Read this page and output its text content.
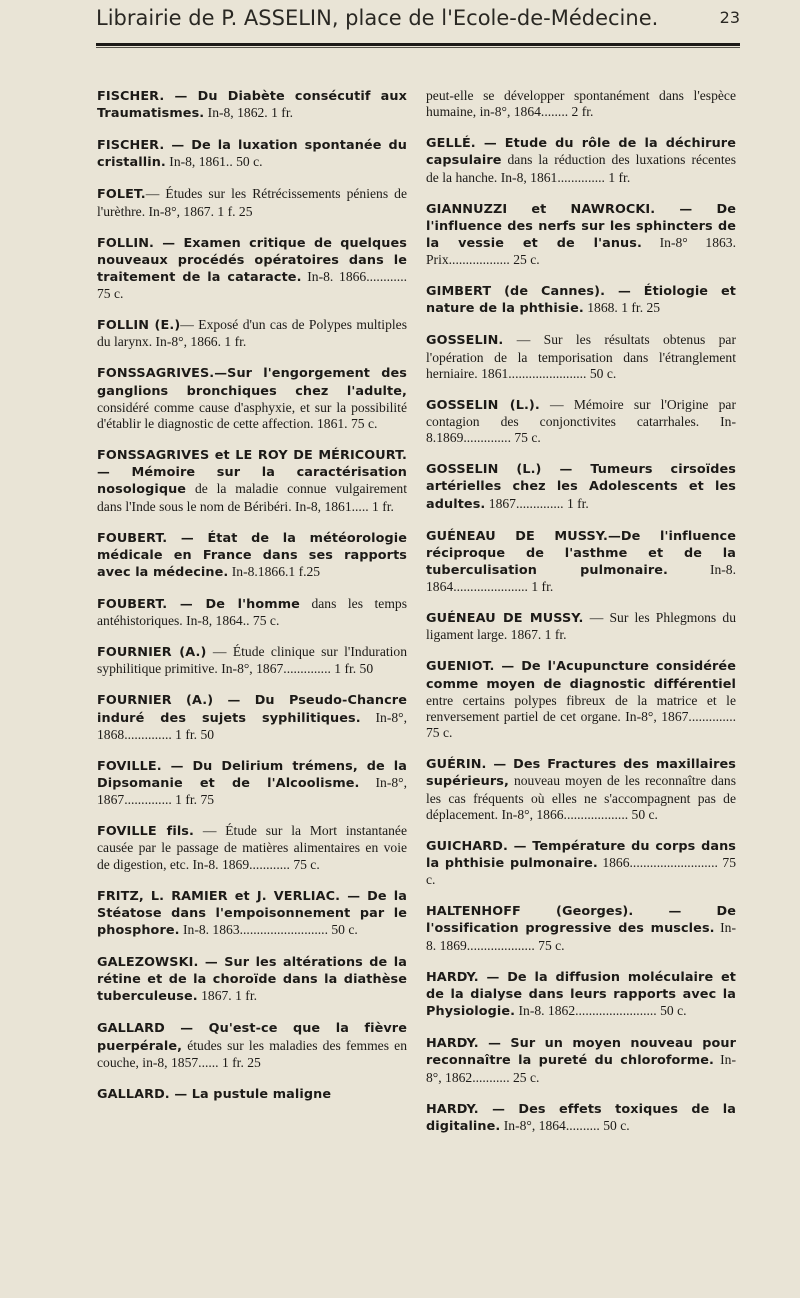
Librairie de P. ASSELIN, place de l'Ecole-de-Médecine.	23

FISCHER. — Du Diabète consécutif aux Traumatismes. In-8, 1862. 1 fr.

FISCHER. — De la luxation spontanée du cristallin. In-8, 1861.. 50 c.

FOLET.— Études sur les Rétrécissements péniens de l'urèthre. In-8°, 1867. 1 f. 25

FOLLIN. — Examen critique de quelques nouveaux procédés opératoires dans le traitement de la cataracte. In-8. 1866............ 75 c.

FOLLIN (E.)— Exposé d'un cas de Polypes multiples du larynx. In-8°, 1866. 1 fr.

FONSSAGRIVES.—Sur l'engorgement des ganglions bronchiques chez l'adulte, considéré comme cause d'asphyxie, et sur la possibilité d'établir le diagnostic de cette affection. 1861. 75 c.

FONSSAGRIVES et LE ROY DE MÉRICOURT. — Mémoire sur la caractérisation nosologique de la maladie connue vulgairement dans l'Inde sous le nom de Béribéri. In-8, 1861..... 1 fr.

FOUBERT. — État de la météorologie médicale en France dans ses rapports avec la médecine. In-8.1866.1 f.25

FOUBERT. — De l'homme dans les temps antéhistoriques. In-8, 1864.. 75 c.

FOURNIER (A.) — Étude clinique sur l'Induration syphilitique primitive. In-8°, 1867.............. 1 fr. 50

FOURNIER (A.) — Du Pseudo-Chancre induré des sujets syphilitiques. In-8°, 1868.............. 1 fr. 50

FOVILLE. — Du Delirium trémens, de la Dipsomanie et de l'Alcoolisme. In-8°, 1867.............. 1 fr. 75

FOVILLE fils. — Étude sur la Mort instantanée causée par le passage de matières alimentaires en voie de digestion, etc. In-8. 1869............ 75 c.

FRITZ, L. RAMIER et J. VERLIAC. — De la Stéatose dans l'empoisonnement par le phosphore. In-8. 1863.......................... 50 c.

GALEZOWSKI. — Sur les altérations de la rétine et de la choroïde dans la diathèse tuberculeuse. 1867. 1 fr.

GALLARD — Qu'est-ce que la fièvre puerpérale, études sur les maladies des femmes en couche, in-8, 1857...... 1 fr. 25

GALLARD. — La pustule maligne

peut-elle se développer spontanément dans l'espèce humaine, in-8°, 1864........ 2 fr.

GELLÉ. — Etude du rôle de la déchirure capsulaire dans la réduction des luxations récentes de la hanche. In-8, 1861.............. 1 fr.

GIANNUZZI et NAWROCKI. — De l'influence des nerfs sur les sphincters de la vessie et de l'anus. In-8° 1863. Prix.................. 25 c.

GIMBERT (de Cannes). — Étiologie et nature de la phthisie. 1868. 1 fr. 25

GOSSELIN. — Sur les résultats obtenus par l'opération de la temporisation dans l'étranglement herniaire. 1861....................... 50 c.

GOSSELIN (L.). — Mémoire sur l'Origine par contagion des conjonctivites catarrhales. In-8.1869.............. 75 c.

GOSSELIN (L.) — Tumeurs cirsoïdes artérielles chez les Adolescents et les adultes. 1867.............. 1 fr.

GUÉNEAU DE MUSSY.—De l'influence réciproque de l'asthme et de la tuberculisation pulmonaire. In-8. 1864...................... 1 fr.

GUÉNEAU DE MUSSY. — Sur les Phlegmons du ligament large. 1867. 1 fr.

GUENIOT. — De l'Acupuncture considérée comme moyen de diagnostic différentiel entre certains polypes fibreux de la matrice et le renversement partiel de cet organe. In-8°, 1867.............. 75 c.

GUÉRIN. — Des Fractures des maxillaires supérieurs, nouveau moyen de les reconnaître dans les cas fréquents où elles ne s'accompagnent pas de déplacement. In-8°, 1866................... 50 c.

GUICHARD. — Température du corps dans la phthisie pulmonaire. 1866.......................... 75 c.

HALTENHOFF (Georges). — De l'ossification progressive des muscles. In-8. 1869.................... 75 c.

HARDY. — De la diffusion moléculaire et de la dialyse dans leurs rapports avec la Physiologie. In-8. 1862........................ 50 c.

HARDY. — Sur un moyen nouveau pour reconnaître la pureté du chloroforme. In-8°, 1862........... 25 c.

HARDY. — Des effets toxiques de la digitaline. In-8°, 1864.......... 50 c.
